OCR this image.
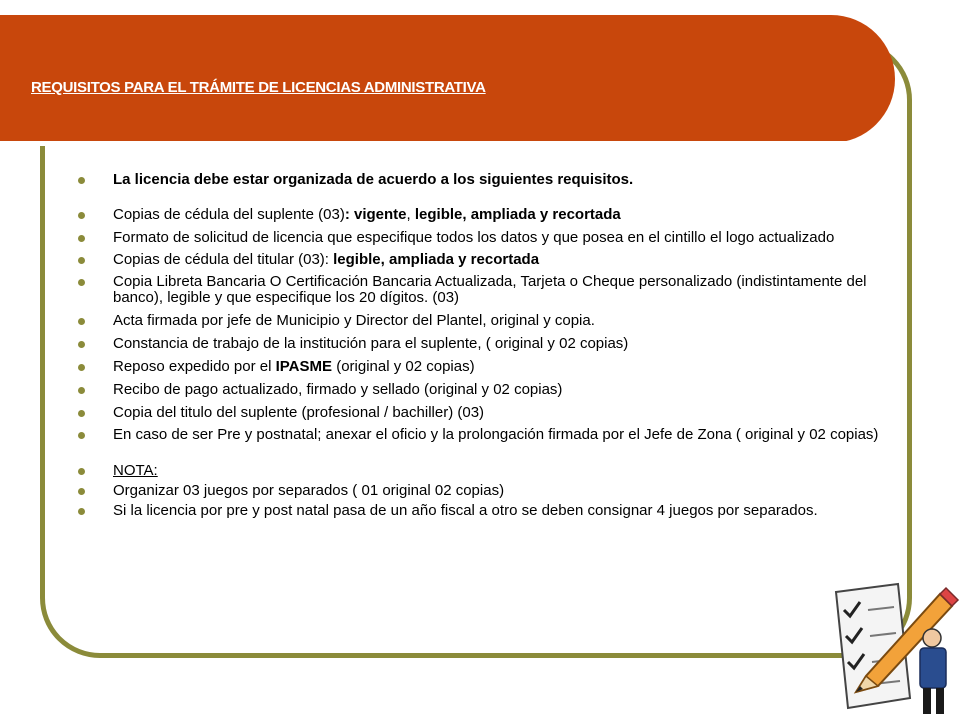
REQUISITOS PARA EL TRÁMITE DE LICENCIAS ADMINISTRATIVA
La licencia debe estar organizada de acuerdo a los siguientes requisitos.
Copias de cédula del suplente (03): vigente, legible, ampliada y recortada
Formato de solicitud de licencia que especifique todos los datos y que posea en el cintillo el logo actualizado
Copias de cédula del titular (03): legible, ampliada y recortada
Copia Libreta Bancaria O Certificación Bancaria Actualizada, Tarjeta o Cheque personalizado (indistintamente del banco), legible y que especifique los 20 dígitos. (03)
Acta firmada por jefe de Municipio y Director del Plantel, original y copia.
Constancia de trabajo de la institución para el suplente, ( original y 02 copias)
Reposo expedido por el IPASME (original y 02 copias)
Recibo de pago actualizado, firmado y sellado (original y 02 copias)
Copia del titulo del suplente (profesional / bachiller) (03)
En caso de ser Pre y postnatal; anexar el oficio y la prolongación firmada por el Jefe de Zona ( original y 02 copias)
NOTA:
Organizar 03 juegos por separados ( 01 original 02 copias)
Si la licencia por pre y post natal pasa de un año fiscal a otro se deben consignar 4 juegos por separados.
